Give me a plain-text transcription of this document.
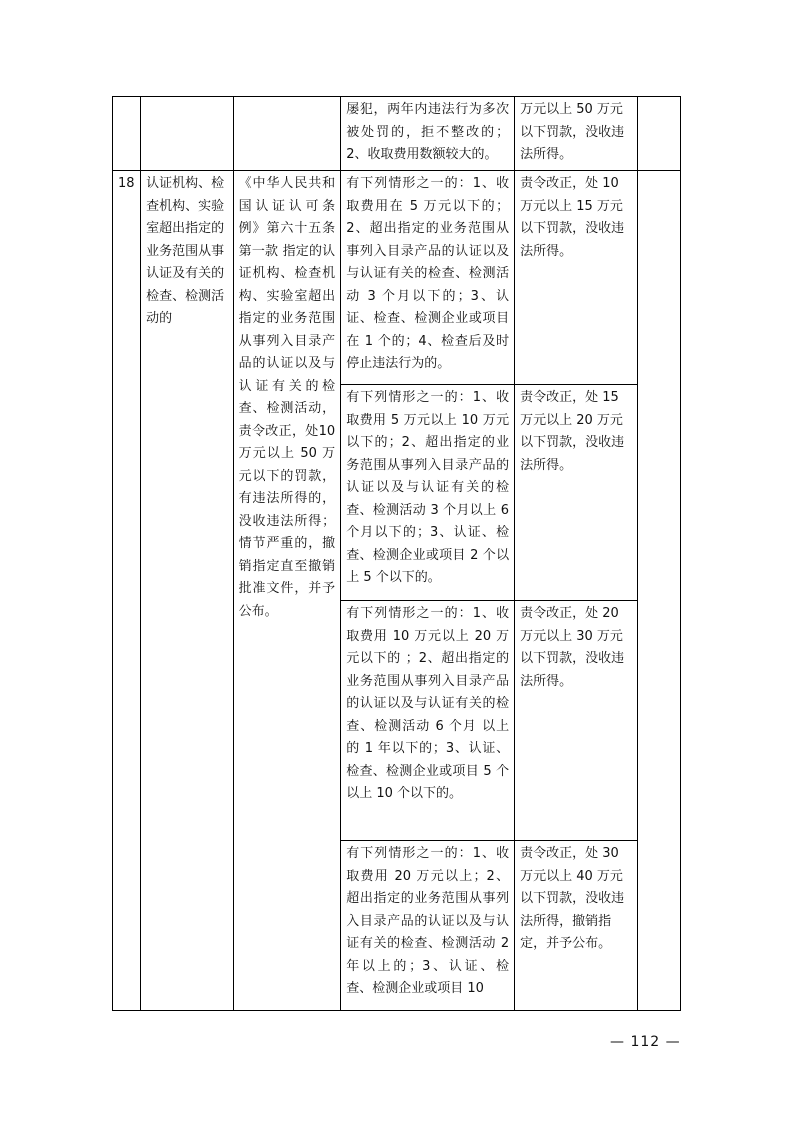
			屡犯，两年内违法行为多次被处罚的，拒不整改的；2、收取费用数额较大的。	万元以上 50 万元以下罚款，没收违法所得。	
18	认证机构、检查机构、实验室超出指定的业务范围从事认证及有关的检查、检测活动的	《中华人民共和国认证认可条例》第六十五条第一款 指定的认证机构、检查机构、实验室超出指定的业务范围从事列入目录产品的认证以及与认证有关的检查、检测活动，责令改正，处10 万元以上 50 万元以下的罚款，有违法所得的，没收违法所得；情节严重的，撤销指定直至撤销批准文件，并予公布。	有下列情形之一的：1、收取费用在 5 万元以下的；2、超出指定的业务范围从事列入目录产品的认证以及与认证有关的检查、检测活动 3 个月以下的；3、认证、检查、检测企业或项目在 1 个的；4、检查后及时停止违法行为的。	责令改正，处 10 万元以上 15 万元以下罚款，没收违法所得。	
			有下列情形之一的：1、收取费用 5 万元以上 10 万元以下的；2、超出指定的业务范围从事列入目录产品的认证以及与认证有关的检查、检测活动 3 个月以上 6 个月以下的；3、认证、检查、检测企业或项目 2 个以上 5 个以下的。	责令改正，处 15 万元以上 20 万元以下罚款，没收违法所得。	
			有下列情形之一的：1、收取费用 10 万元以上 20 万元以下的 ；2、超出指定的业务范围从事列入目录产品的认证以及与认证有关的检查、检测活动 6 个月 以上的 1 年以下的；3、认证、检查、检测企业或项目 5 个以上 10 个以下的。	责令改正，处 20 万元以上 30 万元以下罚款，没收违法所得。	
			有下列情形之一的：1、收取费用 20 万元以上；2、超出指定的业务范围从事列入目录产品的认证以及与认证有关的检查、检测活动 2 年以上的；3、认证、检查、检测企业或项目 10	责令改正，处 30 万元以上 40 万元以下罚款，没收违法所得，撤销指定，并予公布。	
— 112 —
